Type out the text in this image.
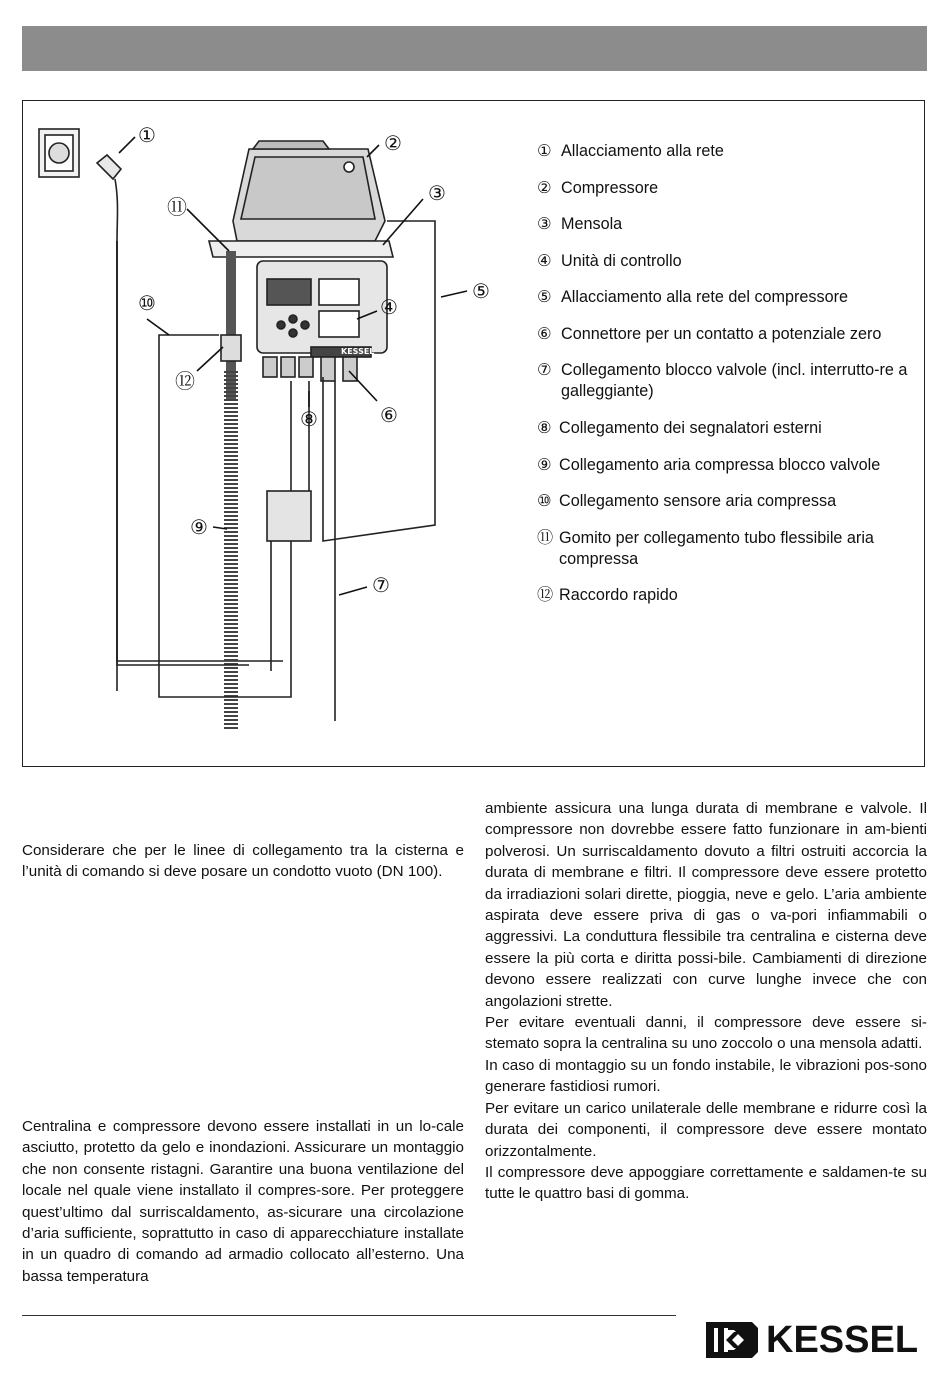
①	②
③
④
⑤
⑥
⑦
⑧
⑨
⑩
⑪
⑫
KESSEL
① Allacciamento alla rete
② Compressore
③ Mensola
④ Unità di controllo
⑤ Allacciamento alla rete del compressore
⑥ Connettore per un contatto a potenziale zero
⑦ Collegamento blocco valvole (incl. interrutto-re a galleggiante)
⑧ Collegamento dei segnalatori esterni
⑨ Collegamento aria compressa blocco valvole
⑩ Collegamento sensore aria compressa
⑪ Gomito per collegamento tubo flessibile aria compressa
⑫ Raccordo rapido

Considerare che per le linee di collegamento tra la cisterna e l’unità di comando si deve posare un condotto vuoto (DN 100).

Centralina e compressore devono essere installati in un lo-cale asciutto, protetto da gelo e inondazioni. Assicurare un montaggio che non consente ristagni. Garantire una buona ventilazione del locale nel quale viene installato il compres-sore. Per proteggere quest’ultimo dal surriscaldamento, as-sicurare una circolazione d’aria sufficiente, soprattutto in caso di apparecchiature installate in un quadro di comando ad armadio collocato all’esterno. Una bassa temperatura

ambiente assicura una lunga durata di membrane e valvole. Il compressore non dovrebbe essere fatto funzionare in am-bienti polverosi. Un surriscaldamento dovuto a filtri ostruiti accorcia la durata di membrane e filtri. Il compressore deve essere protetto da irradiazioni solari dirette, pioggia, neve e gelo. L’aria ambiente aspirata deve essere priva di gas o va-pori infiammabili o aggressivi. La conduttura flessibile tra centralina e cisterna deve essere la più corta e diritta possi-bile. Cambiamenti di direzione devono essere realizzati con curve lunghe invece che con angolazioni strette.

Per evitare eventuali danni, il compressore deve essere si-stemato sopra la centralina su uno zoccolo o una mensola adatti.

In caso di montaggio su un fondo instabile, le vibrazioni pos-sono generare fastidiosi rumori.

Per evitare un carico unilaterale delle membrane e ridurre così la durata dei componenti, il compressore deve essere montato orizzontalmente.

Il compressore deve appoggiare correttamente e saldamen-te su tutte le quattro basi di gomma.

KESSEL
